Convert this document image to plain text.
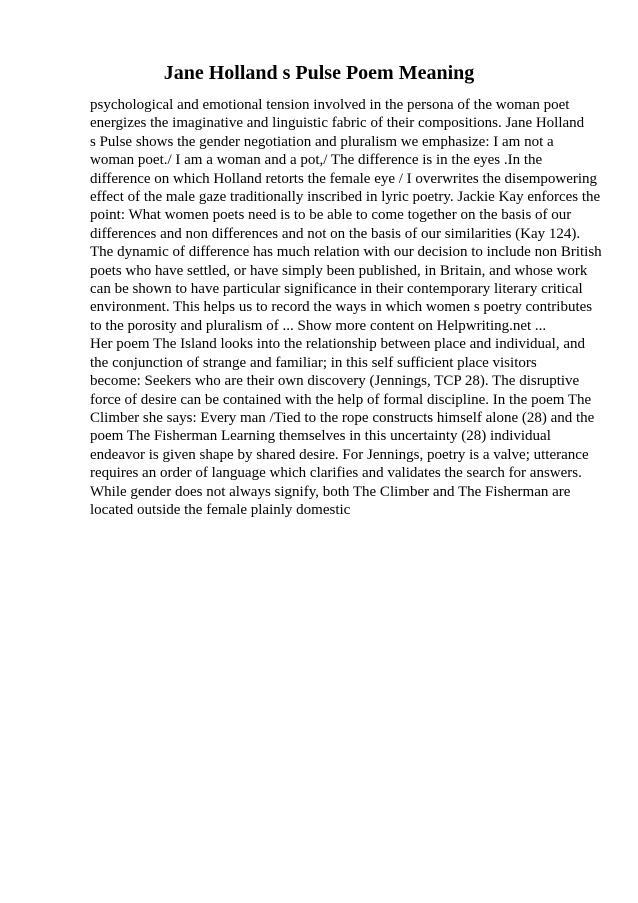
Jane Holland s Pulse Poem Meaning
psychological and emotional tension involved in the persona of the woman poet
energizes the imaginative and linguistic fabric of their compositions. Jane Holland
s Pulse shows the gender negotiation and pluralism we emphasize: I am not a
woman poet./ I am a woman and a pot,/ The difference is in the eyes .In the
difference on which Holland retorts the female eye / I overwrites the disempowering
effect of the male gaze traditionally inscribed in lyric poetry. Jackie Kay enforces the
point: What women poets need is to be able to come together on the basis of our
differences and non differences and not on the basis of our similarities (Kay 124).
The dynamic of difference has much relation with our decision to include non British
poets who have settled, or have simply been published, in Britain, and whose work
can be shown to have particular significance in their contemporary literary critical
environment. This helps us to record the ways in which women s poetry contributes
to the porosity and pluralism of ... Show more content on Helpwriting.net ...
Her poem The Island looks into the relationship between place and individual, and
the conjunction of strange and familiar; in this self sufficient place visitors
become: Seekers who are their own discovery (Jennings, TCP 28). The disruptive
force of desire can be contained with the help of formal discipline. In the poem The
Climber she says: Every man /Tied to the rope constructs himself alone (28) and the
poem The Fisherman Learning themselves in this uncertainty (28) individual
endeavor is given shape by shared desire. For Jennings, poetry is a valve; utterance
requires an order of language which clarifies and validates the search for answers.
While gender does not always signify, both The Climber and The Fisherman are
located outside the female plainly domestic
